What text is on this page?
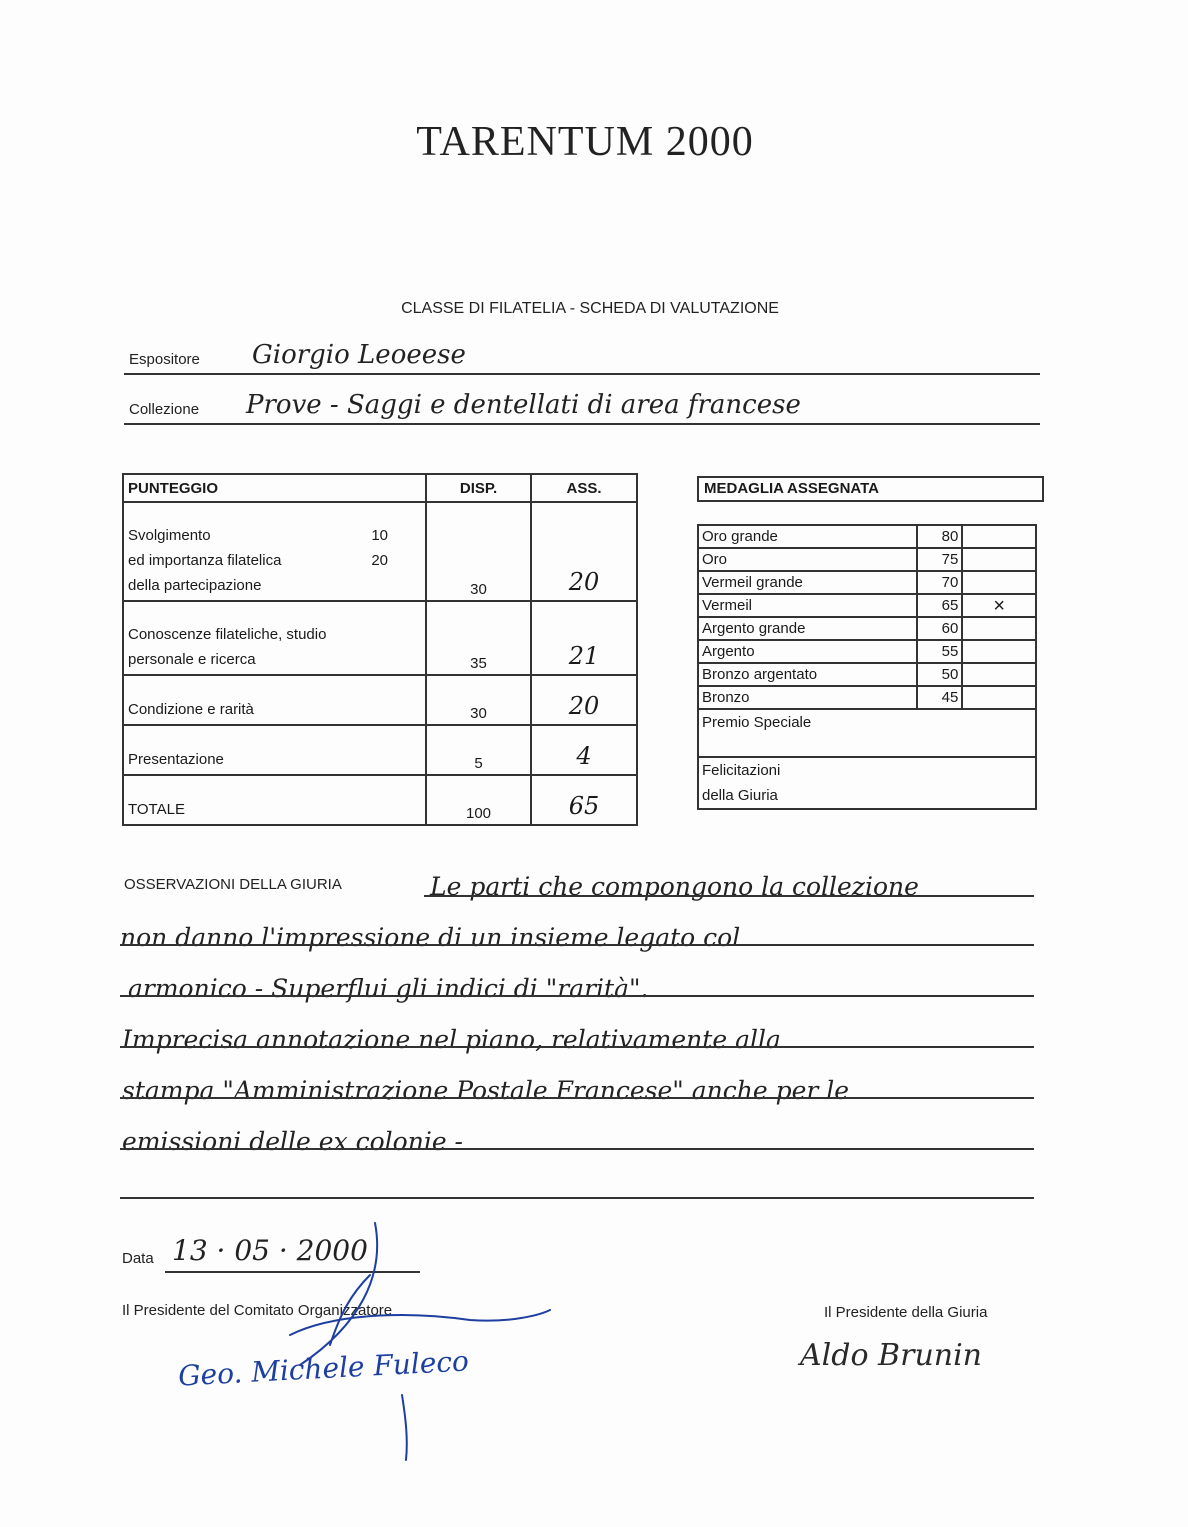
TARENTUM 2000
CLASSE DI FILATELIA - SCHEDA DI VALUTAZIONE
Espositore Giorgio Leoeese
Collezione Prove - Saggi e dentellati di area francese
PUNTEGGIO	DISP.	ASS.

Svolgimento 10
ed importanza filatelica 20
della partecipazione	30	20

Conoscenze filateliche, studio
personale e ricerca	35	21

Condizione e rarità	30	20

Presentazione	5	4

TOTALE	100	65
MEDAGLIA ASSEGNATA
Oro grande	80	
Oro	75	
Vermeil grande	70	
Vermeil	65	×
Argento grande	60	
Argento	55	
Bronzo argentato	50	
Bronzo	45	
Premio Speciale		

Felicitazioni
della Giuria		
OSSERVAZIONI DELLA GIURIA	Le parti che compongono la collezione
non danno l'impressione di un insieme legato col
armonico - Superflui gli indici di "rarità".
Imprecisa annotazione nel piano, relativamente alla
stampa "Amministrazione Postale Francese" anche per le
emissioni delle ex colonie -
Data 13 · 05 · 2000
Il Presidente del Comitato Organizzatore	Il Presidente della Giuria
Geo. Michele Fuleco	Aldo Brunin
